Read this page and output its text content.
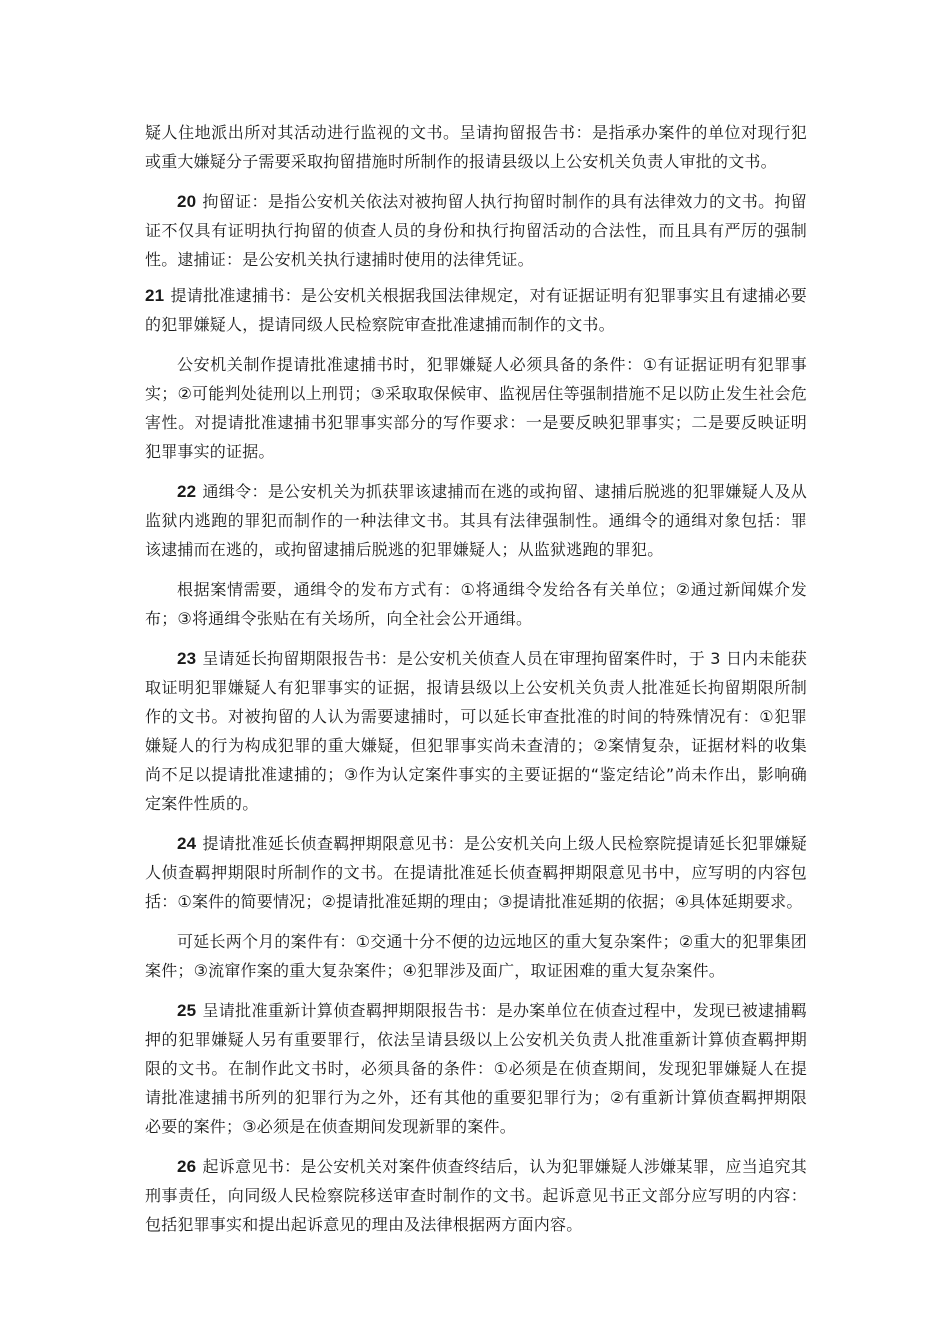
疑人住地派出所对其活动进行监视的文书。呈请拘留报告书：是指承办案件的单位对现行犯或重大嫌疑分子需要采取拘留措施时所制作的报请县级以上公安机关负责人审批的文书。

20 拘留证：是指公安机关依法对被拘留人执行拘留时制作的具有法律效力的文书。拘留证不仅具有证明执行拘留的侦查人员的身份和执行拘留活动的合法性，而且具有严厉的强制性。逮捕证：是公安机关执行逮捕时使用的法律凭证。

21 提请批准逮捕书：是公安机关根据我国法律规定，对有证据证明有犯罪事实且有逮捕必要的犯罪嫌疑人，提请同级人民检察院审查批准逮捕而制作的文书。

公安机关制作提请批准逮捕书时，犯罪嫌疑人必须具备的条件：①有证据证明有犯罪事实；②可能判处徒刑以上刑罚；③采取取保候审、监视居住等强制措施不足以防止发生社会危害性。对提请批准逮捕书犯罪事实部分的写作要求：一是要反映犯罪事实；二是要反映证明犯罪事实的证据。

22 通缉令：是公安机关为抓获罪该逮捕而在逃的或拘留、逮捕后脱逃的犯罪嫌疑人及从监狱内逃跑的罪犯而制作的一种法律文书。其具有法律强制性。通缉令的通缉对象包括：罪该逮捕而在逃的，或拘留逮捕后脱逃的犯罪嫌疑人；从监狱逃跑的罪犯。

根据案情需要，通缉令的发布方式有：①将通缉令发给各有关单位；②通过新闻媒介发布；③将通缉令张贴在有关场所，向全社会公开通缉。

23 呈请延长拘留期限报告书：是公安机关侦查人员在审理拘留案件时，于 3 日内未能获取证明犯罪嫌疑人有犯罪事实的证据，报请县级以上公安机关负责人批准延长拘留期限所制作的文书。对被拘留的人认为需要逮捕时，可以延长审查批准的时间的特殊情况有：①犯罪嫌疑人的行为构成犯罪的重大嫌疑，但犯罪事实尚未查清的；②案情复杂，证据材料的收集尚不足以提请批准逮捕的；③作为认定案件事实的主要证据的“鉴定结论”尚未作出，影响确定案件性质的。

24 提请批准延长侦查羁押期限意见书：是公安机关向上级人民检察院提请延长犯罪嫌疑人侦查羁押期限时所制作的文书。在提请批准延长侦查羁押期限意见书中，应写明的内容包括：①案件的简要情况；②提请批准延期的理由；③提请批准延期的依据；④具体延期要求。

可延长两个月的案件有：①交通十分不便的边远地区的重大复杂案件；②重大的犯罪集团案件；③流窜作案的重大复杂案件；④犯罪涉及面广，取证困难的重大复杂案件。

25 呈请批准重新计算侦查羁押期限报告书：是办案单位在侦查过程中，发现已被逮捕羁押的犯罪嫌疑人另有重要罪行，依法呈请县级以上公安机关负责人批准重新计算侦查羁押期限的文书。在制作此文书时，必须具备的条件：①必须是在侦查期间，发现犯罪嫌疑人在提请批准逮捕书所列的犯罪行为之外，还有其他的重要犯罪行为；②有重新计算侦查羁押期限必要的案件；③必须是在侦查期间发现新罪的案件。

26 起诉意见书：是公安机关对案件侦查终结后，认为犯罪嫌疑人涉嫌某罪，应当追究其刑事责任，向同级人民检察院移送审查时制作的文书。起诉意见书正文部分应写明的内容：包括犯罪事实和提出起诉意见的理由及法律根据两方面内容。
